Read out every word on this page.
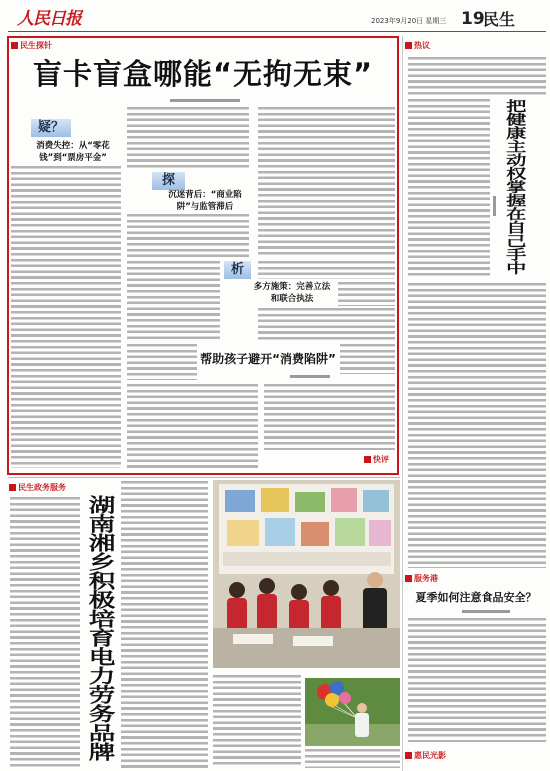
人民日报	2023年9月20日 星期三 19
民生
民生探针
盲卡盲盒哪能“无拘无束”
疑？
消费失控：从“零花钱”到“票房平金”
探
沉迷背后：“商业陷阱”与监管滞后
析
多方施策：完善立法和联合执法
帮助孩子避开“消费陷阱”
快评
热议
把健康主动权掌握在自己手中
服务港
夏季如何注意食品安全？
惠民光影
民生政务服务
湖南湘乡积极培育电力劳务品牌
